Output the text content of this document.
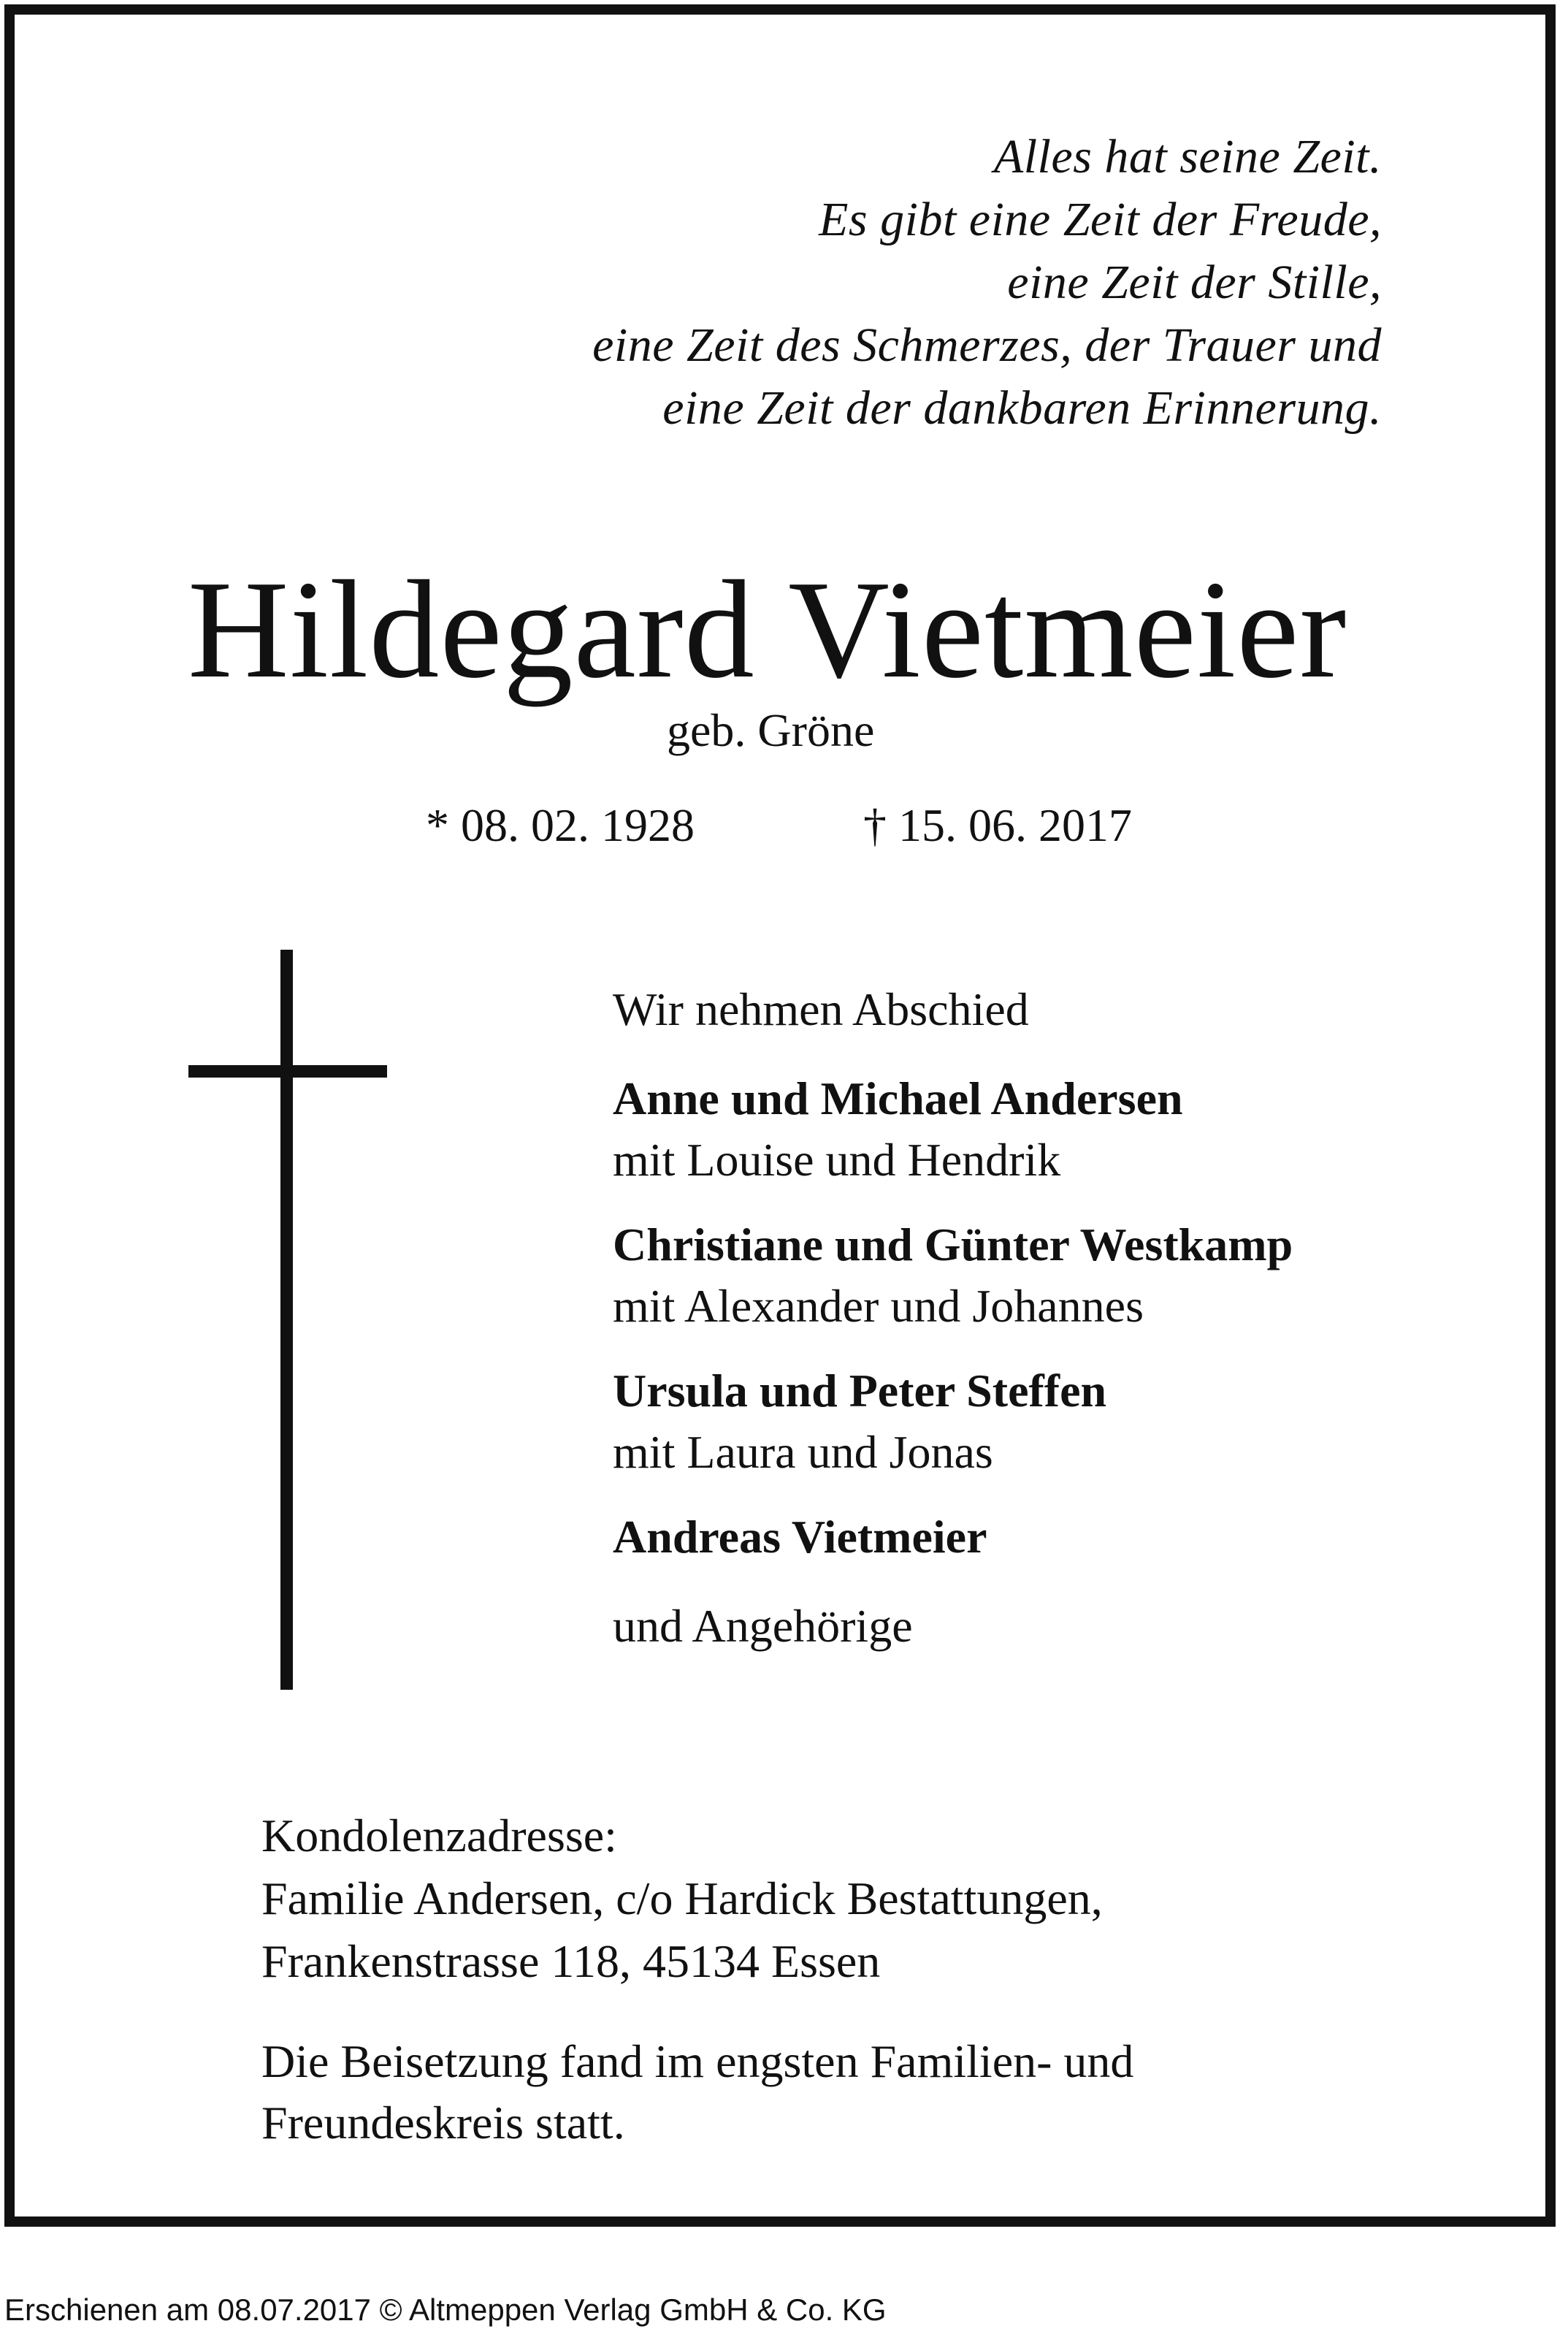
Alles hat seine Zeit.
Es gibt eine Zeit der Freude,
eine Zeit der Stille,
eine Zeit des Schmerzes, der Trauer und
eine Zeit der dankbaren Erinnerung.
Hildegard Vietmeier
geb. Gröne
* 08. 02. 1928	† 15. 06. 2017
Wir nehmen Abschied
Anne und Michael Andersen
mit Louise und Hendrik
Christiane und Günter Westkamp
mit Alexander und Johannes
Ursula und Peter Steffen
mit Laura und Jonas
Andreas Vietmeier
und Angehörige
Kondolenzadresse:
Familie Andersen, c/o Hardick Bestattungen,
Frankenstrasse 118, 45134 Essen
Die Beisetzung fand im engsten Familien- und
Freundeskreis statt.
Erschienen am 08.07.2017 © Altmeppen Verlag GmbH & Co. KG
